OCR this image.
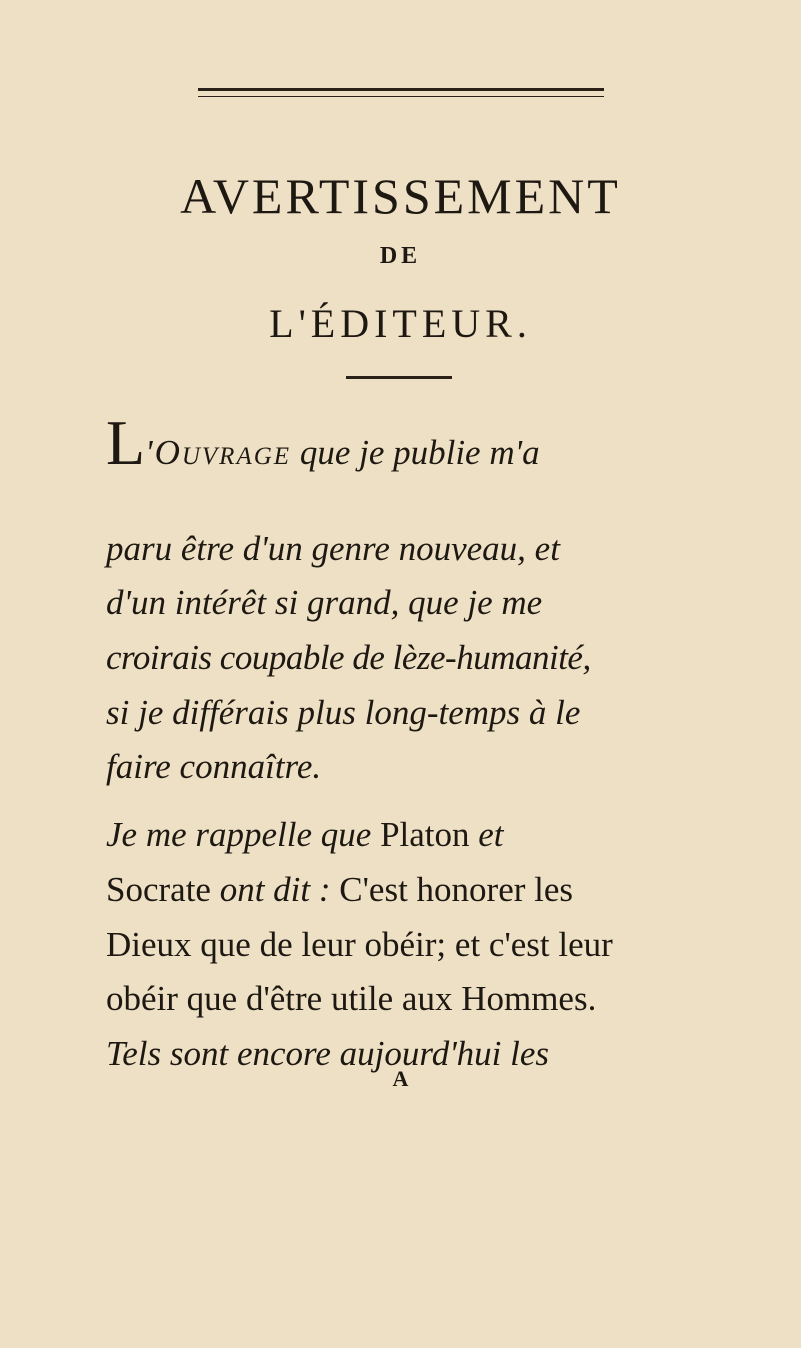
AVERTISSEMENT
DE
L'ÉDITEUR.
L'Ouvrage que je publie m'a
paru être d'un genre nouveau, et
d'un intérêt si grand, que je me
croirais coupable de lèze-humanité,
si je différais plus long-temps à le
faire connaître.
Je me rappelle que Platon et
Socrate ont dit : C'est honorer les
Dieux que de leur obéir; et c'est leur
obéir que d'être utile aux Hommes.
Tels sont encore aujourd'hui les
A
